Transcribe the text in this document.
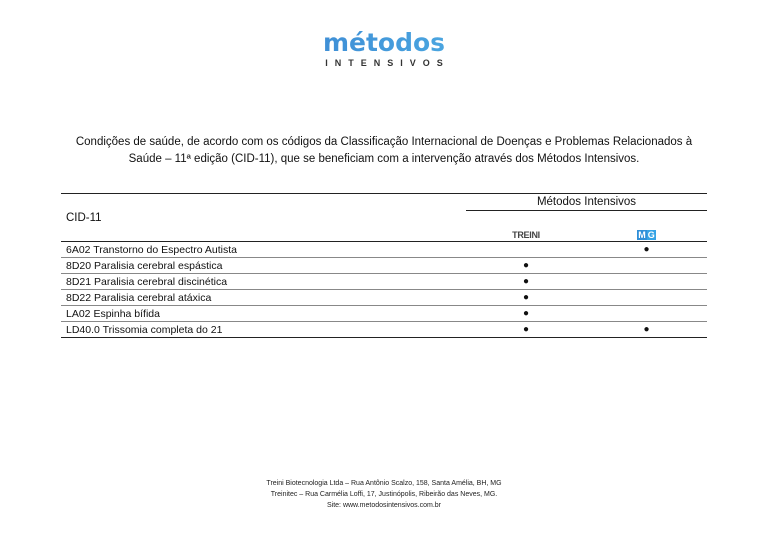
métodos
INTENSIVOS
Condições de saúde, de acordo com os códigos da Classificação Internacional de Doenças e Problemas Relacionados à
Saúde – 11ª edição (CID-11), que se beneficiam com a intervenção através dos Métodos Intensivos.
CID-11	Métodos Intensivos	
	TREINI	M G
6A02 Transtorno do Espectro Autista		●
8D20 Paralisia cerebral espástica	●	
8D21 Paralisia cerebral discinética	●	
8D22 Paralisia cerebral atáxica	●	
LA02 Espinha bífida	●	
LD40.0 Trissomia completa do 21	●	●
Treini Biotecnologia Ltda – Rua Antônio Scalzo, 158, Santa Amélia, BH, MG
Treinitec – Rua Carmélia Loffi, 17, Justinópolis, Ribeirão das Neves, MG.
Site: www.metodosintensivos.com.br
